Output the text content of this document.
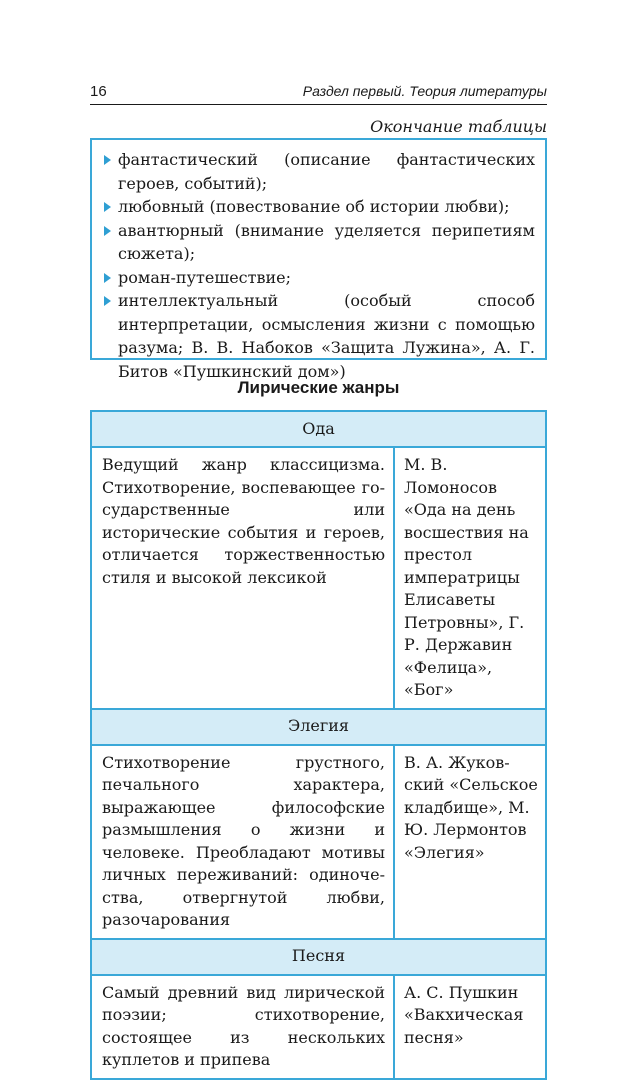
16	Раздел первый. Теория литературы
Окончание таблицы
фантастический (описание фантастических героев, событий);
любовный (повествование об истории любви);
авантюрный (внимание уделяется перипетиям сюжета);
роман-путешествие;
интеллектуальный (особый способ интерпретации, осмысления жизни с помощью разума; В. В. Набоков «Защита Лужина», А. Г. Битов «Пушкинский дом»)
Лирические жанры
Ода	
Ведущий жанр классицизма. Стихотворение, воспевающее государственные или исторические события и героев, отличается торжественностью стиля и высокой лексикой	М. В. Ломоносов «Ода на день восшествия на престол императрицы Елисаветы Петровны», Г. Р. Державин «Фелица», «Бог»
Элегия	
Стихотворение грустного, печального характера, выражающее философские размышления о жизни и человеке. Преобладают мотивы личных переживаний: одиночества, отвергнутой любви, разочарования	В. А. Жуковский «Сельское кладбище», М. Ю. Лермонтов «Элегия»
Песня	
Самый древний вид лирической поэзии; стихотворение, состоящее из нескольких куплетов и припева	А. С. Пушкин «Вакхическая песня»
